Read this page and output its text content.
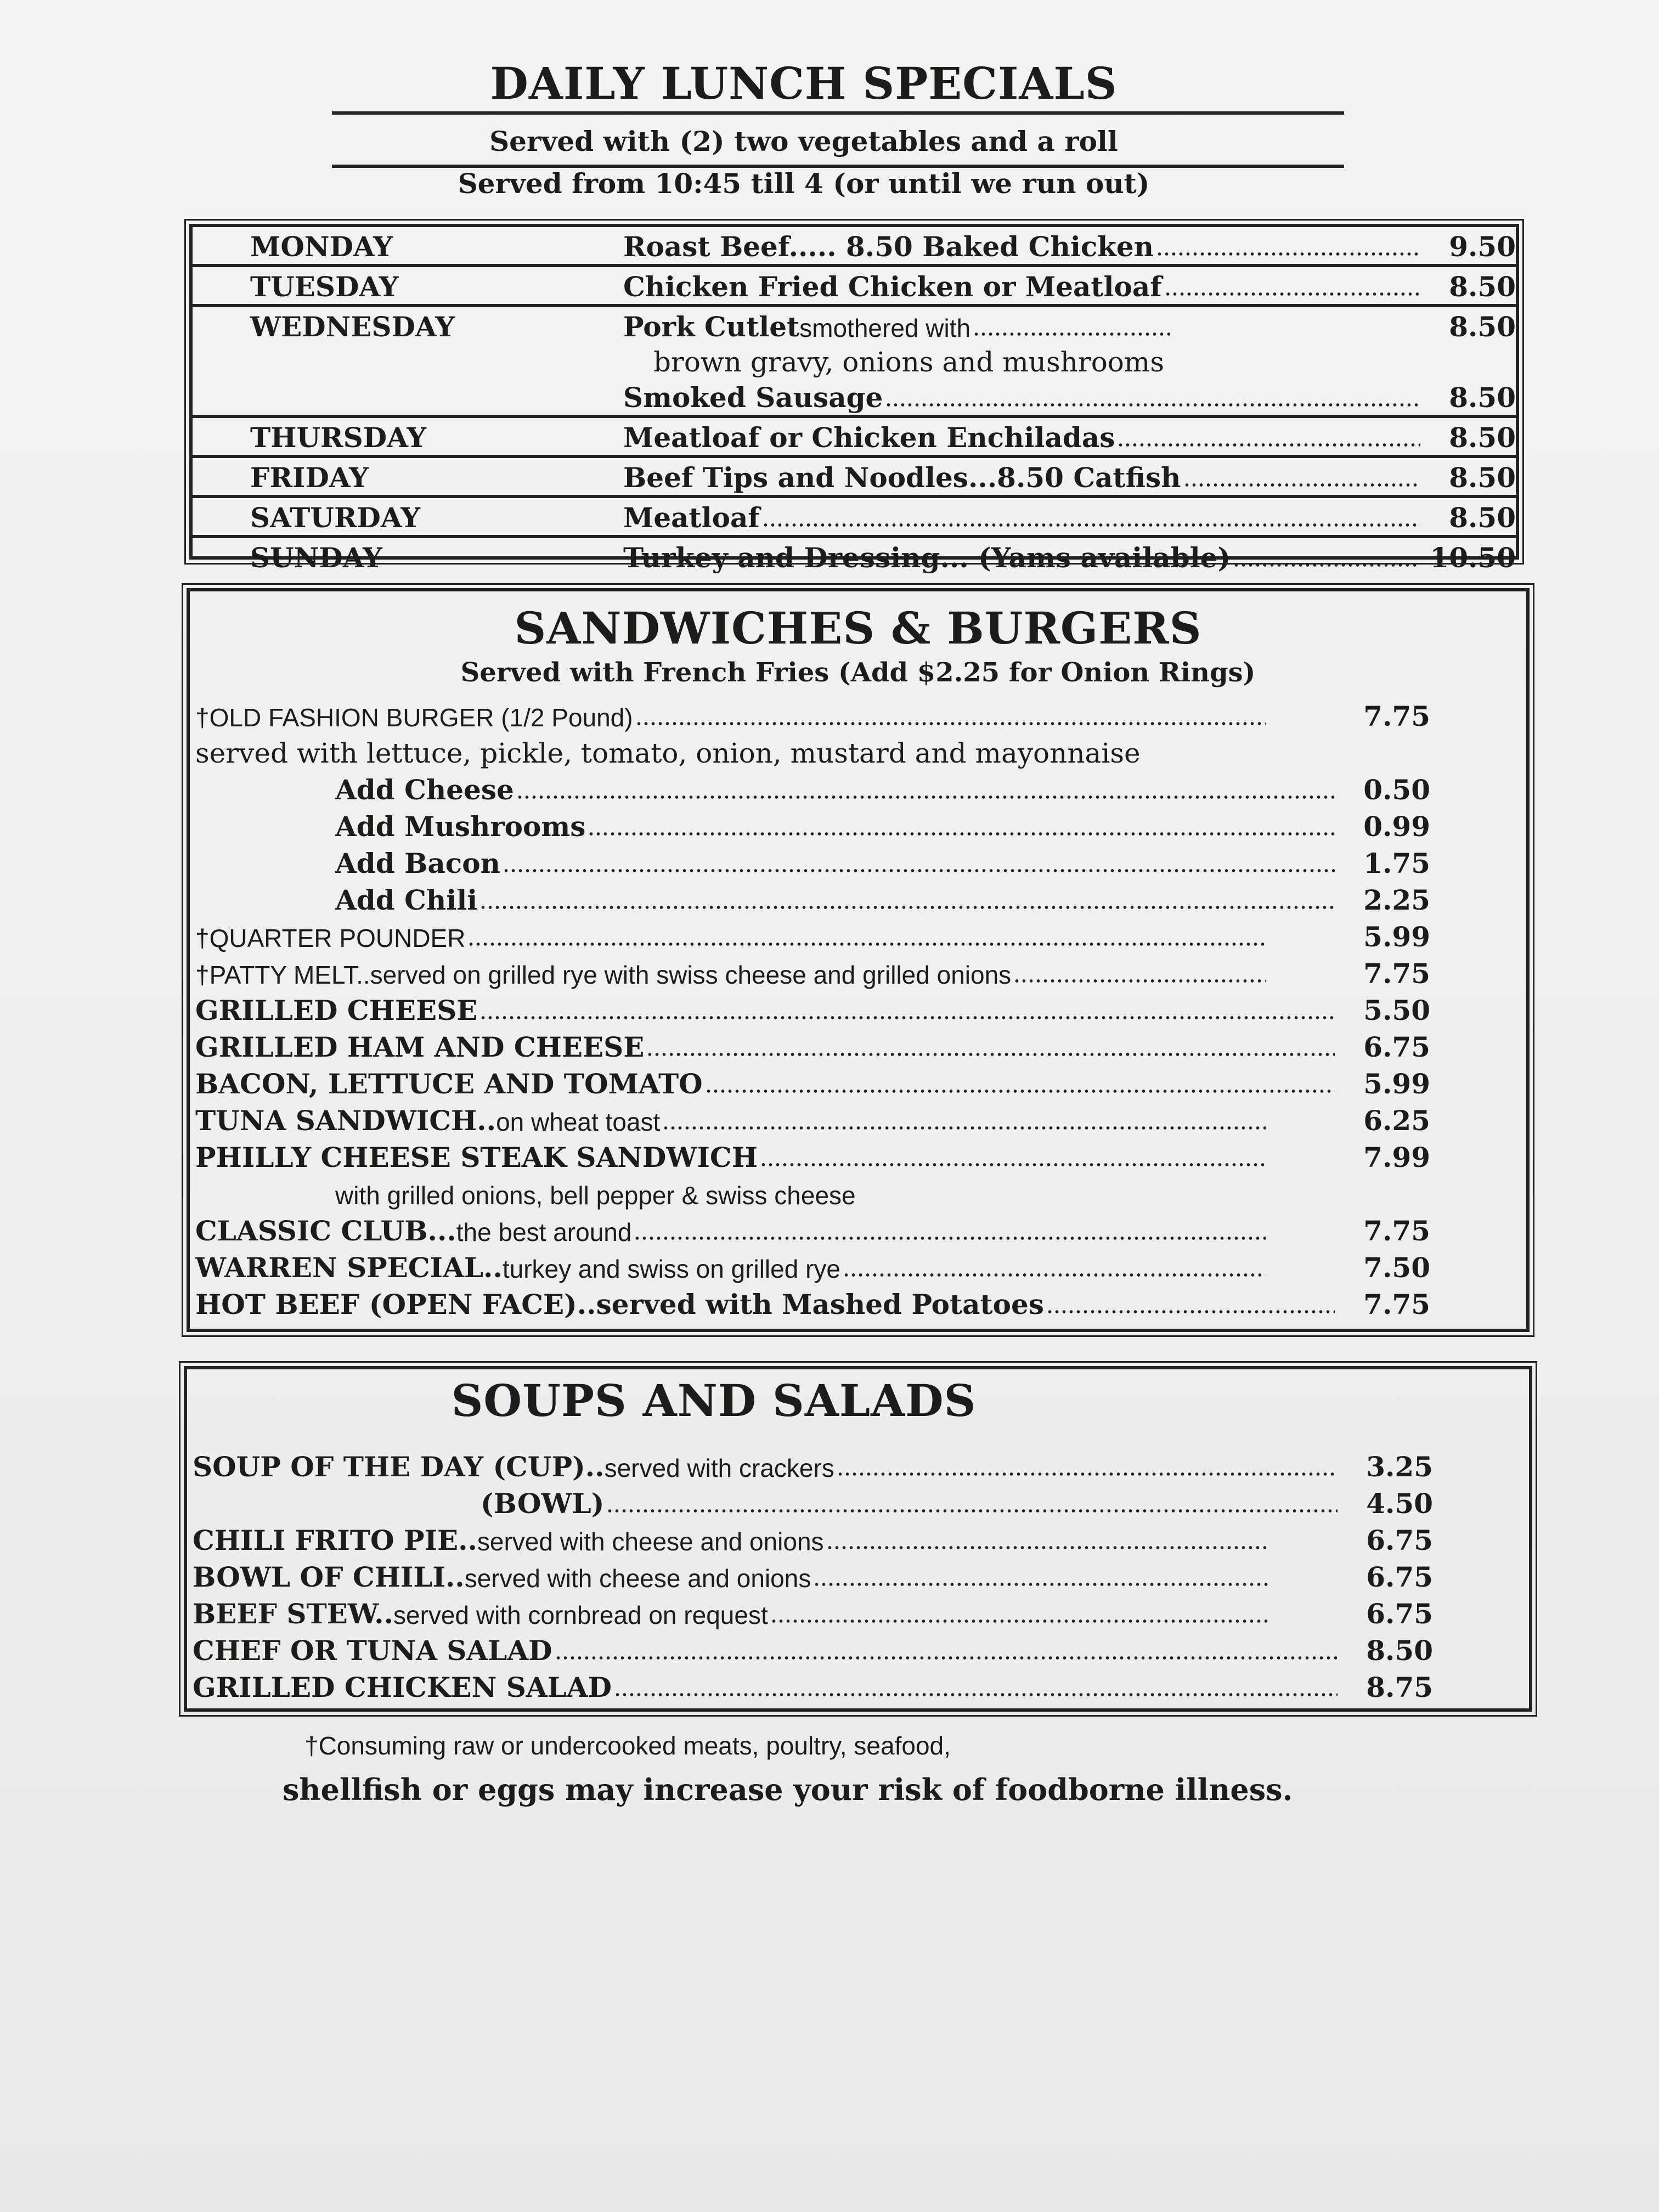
DAILY LUNCH SPECIALS
Served with (2) two vegetables and a roll
Served from 10:45 till 4 (or until we run out)
MONDAY	Roast Beef..... 8.50 Baked Chicken	9.50
TUESDAY	Chicken Fried Chicken or Meatloaf	8.50
WEDNESDAY	Pork Cutlet smothered with	8.50
brown gravy, onions and mushrooms
Smoked Sausage	8.50
THURSDAY	Meatloaf or Chicken Enchiladas	8.50
FRIDAY	Beef Tips and Noodles...8.50 Catfish	8.50
SATURDAY	Meatloaf	8.50
SUNDAY	Turkey and Dressing... (Yams available)	10.50
SANDWICHES & BURGERS
Served with French Fries (Add $2.25 for Onion Rings)
†OLD FASHION BURGER (1/2 Pound)	7.75
served with lettuce, pickle, tomato, onion, mustard and mayonnaise
Add Cheese	0.50
Add Mushrooms	0.99
Add Bacon	1.75
Add Chili	2.25
†QUARTER POUNDER	5.99
†PATTY MELT..served on grilled rye with swiss cheese and grilled onions	7.75
GRILLED CHEESE	5.50
GRILLED HAM AND CHEESE	6.75
BACON, LETTUCE AND TOMATO	5.99
TUNA SANDWICH.. on wheat toast	6.25
PHILLY CHEESE STEAK SANDWICH	7.99
with grilled onions, bell pepper & swiss cheese
CLASSIC CLUB... the best around	7.75
WARREN SPECIAL.. turkey and swiss on grilled rye	7.50
HOT BEEF (OPEN FACE)..served with Mashed Potatoes	7.75
SOUPS AND SALADS
SOUP OF THE DAY (CUP).. served with crackers	3.25
(BOWL)	4.50
CHILI FRITO PIE.. served with cheese and onions	6.75
BOWL OF CHILI.. served with cheese and onions	6.75
BEEF STEW.. served with cornbread on request	6.75
CHEF OR TUNA SALAD	8.50
GRILLED CHICKEN SALAD	8.75
†Consuming raw or undercooked meats, poultry, seafood,
shellfish or eggs may increase your risk of foodborne illness.
